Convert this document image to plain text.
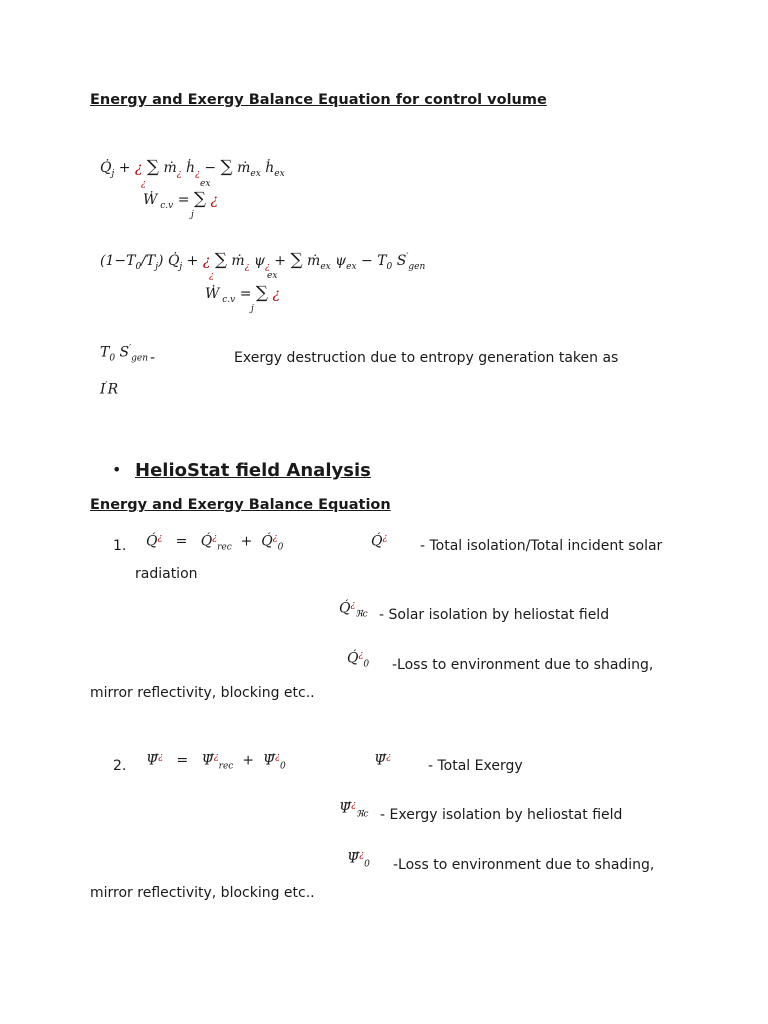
Energy and Exergy Balance Equation for control volume
$Q̇_j$ + ¿ ∑ ṁ$_¿$ ḣ$_¿$ − ∑ ṁ$_{ex}$ ḣ$_{ex}$
¿	ex
Ẇ $_{c.v}$ = ∑ ¿
j
$(1-T_0/T_j)$ $Q̇_j$ + ¿ ∑ ṁ$_¿$ $\psi_¿$ + ∑ ṁ$_{ex}$ $\psi_{ex} - T_0$ $S'_{gen}$
¿	ex
Ẇ $_{c.v}$ = ∑ ¿
j
$T_0$ $S'_{gen}$ -	Exergy destruction due to entropy generation taken as
I′R
• HelioStat field Analysis
Energy and Exergy Balance Equation
1. Q́¿   =   $Q́^¿_{rec}$  +  $Q́^¿_0$	Q́¿ - Total isolation/Total incident solar
radiation
$Q́^¿_{ℜc}$ - Solar isolation by heliostat field
$Q́^¿_0$ -Loss to environment due to shading,
mirror reflectivity, blocking etc..
2. Ψ́¿   =   $\Psí^¿_{rec}$  +  $\Psí^¿_0$	Ψ́¿
- Total Exergy
$\Psí^¿_{ℜc}$ - Exergy isolation by heliostat field
$\Psí^¿_0$ -Loss to environment due to shading,
mirror reflectivity, blocking etc..
